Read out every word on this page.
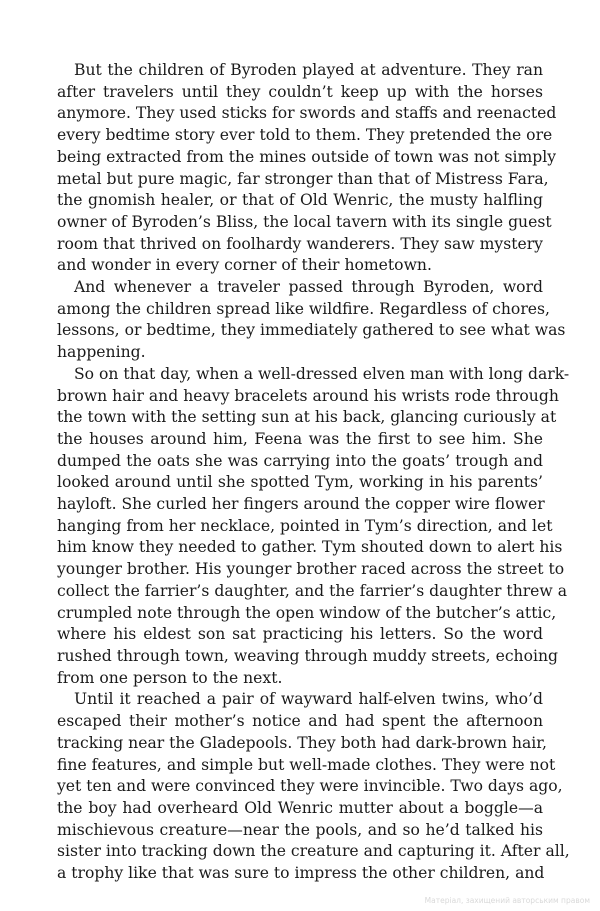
But the children of Byroden played at adventure. They ran
after travelers until they couldn’t keep up with the horses
anymore. They used sticks for swords and staffs and reenacted
every bedtime story ever told to them. They pretended the ore
being extracted from the mines outside of town was not simply
metal but pure magic, far stronger than that of Mistress Fara,
the gnomish healer, or that of Old Wenric, the musty halfling
owner of Byroden’s Bliss, the local tavern with its single guest
room that thrived on foolhardy wanderers. They saw mystery
and wonder in every corner of their hometown.
And whenever a traveler passed through Byroden, word
among the children spread like wildfire. Regardless of chores,
lessons, or bedtime, they immediately gathered to see what was
happening.
So on that day, when a well-dressed elven man with long dark-
brown hair and heavy bracelets around his wrists rode through
the town with the setting sun at his back, glancing curiously at
the houses around him, Feena was the first to see him. She
dumped the oats she was carrying into the goats’ trough and
looked around until she spotted Tym, working in his parents’
hayloft. She curled her fingers around the copper wire flower
hanging from her necklace, pointed in Tym’s direction, and let
him know they needed to gather. Tym shouted down to alert his
younger brother. His younger brother raced across the street to
collect the farrier’s daughter, and the farrier’s daughter threw a
crumpled note through the open window of the butcher’s attic,
where his eldest son sat practicing his letters. So the word
rushed through town, weaving through muddy streets, echoing
from one person to the next.
Until it reached a pair of wayward half-elven twins, who’d
escaped their mother’s notice and had spent the afternoon
tracking near the Gladepools. They both had dark-brown hair,
fine features, and simple but well-made clothes. They were not
yet ten and were convinced they were invincible. Two days ago,
the boy had overheard Old Wenric mutter about a boggle—a
mischievous creature—near the pools, and so he’d talked his
sister into tracking down the creature and capturing it. After all,
a trophy like that was sure to impress the other children, and
Матеріал, захищений авторським правом
